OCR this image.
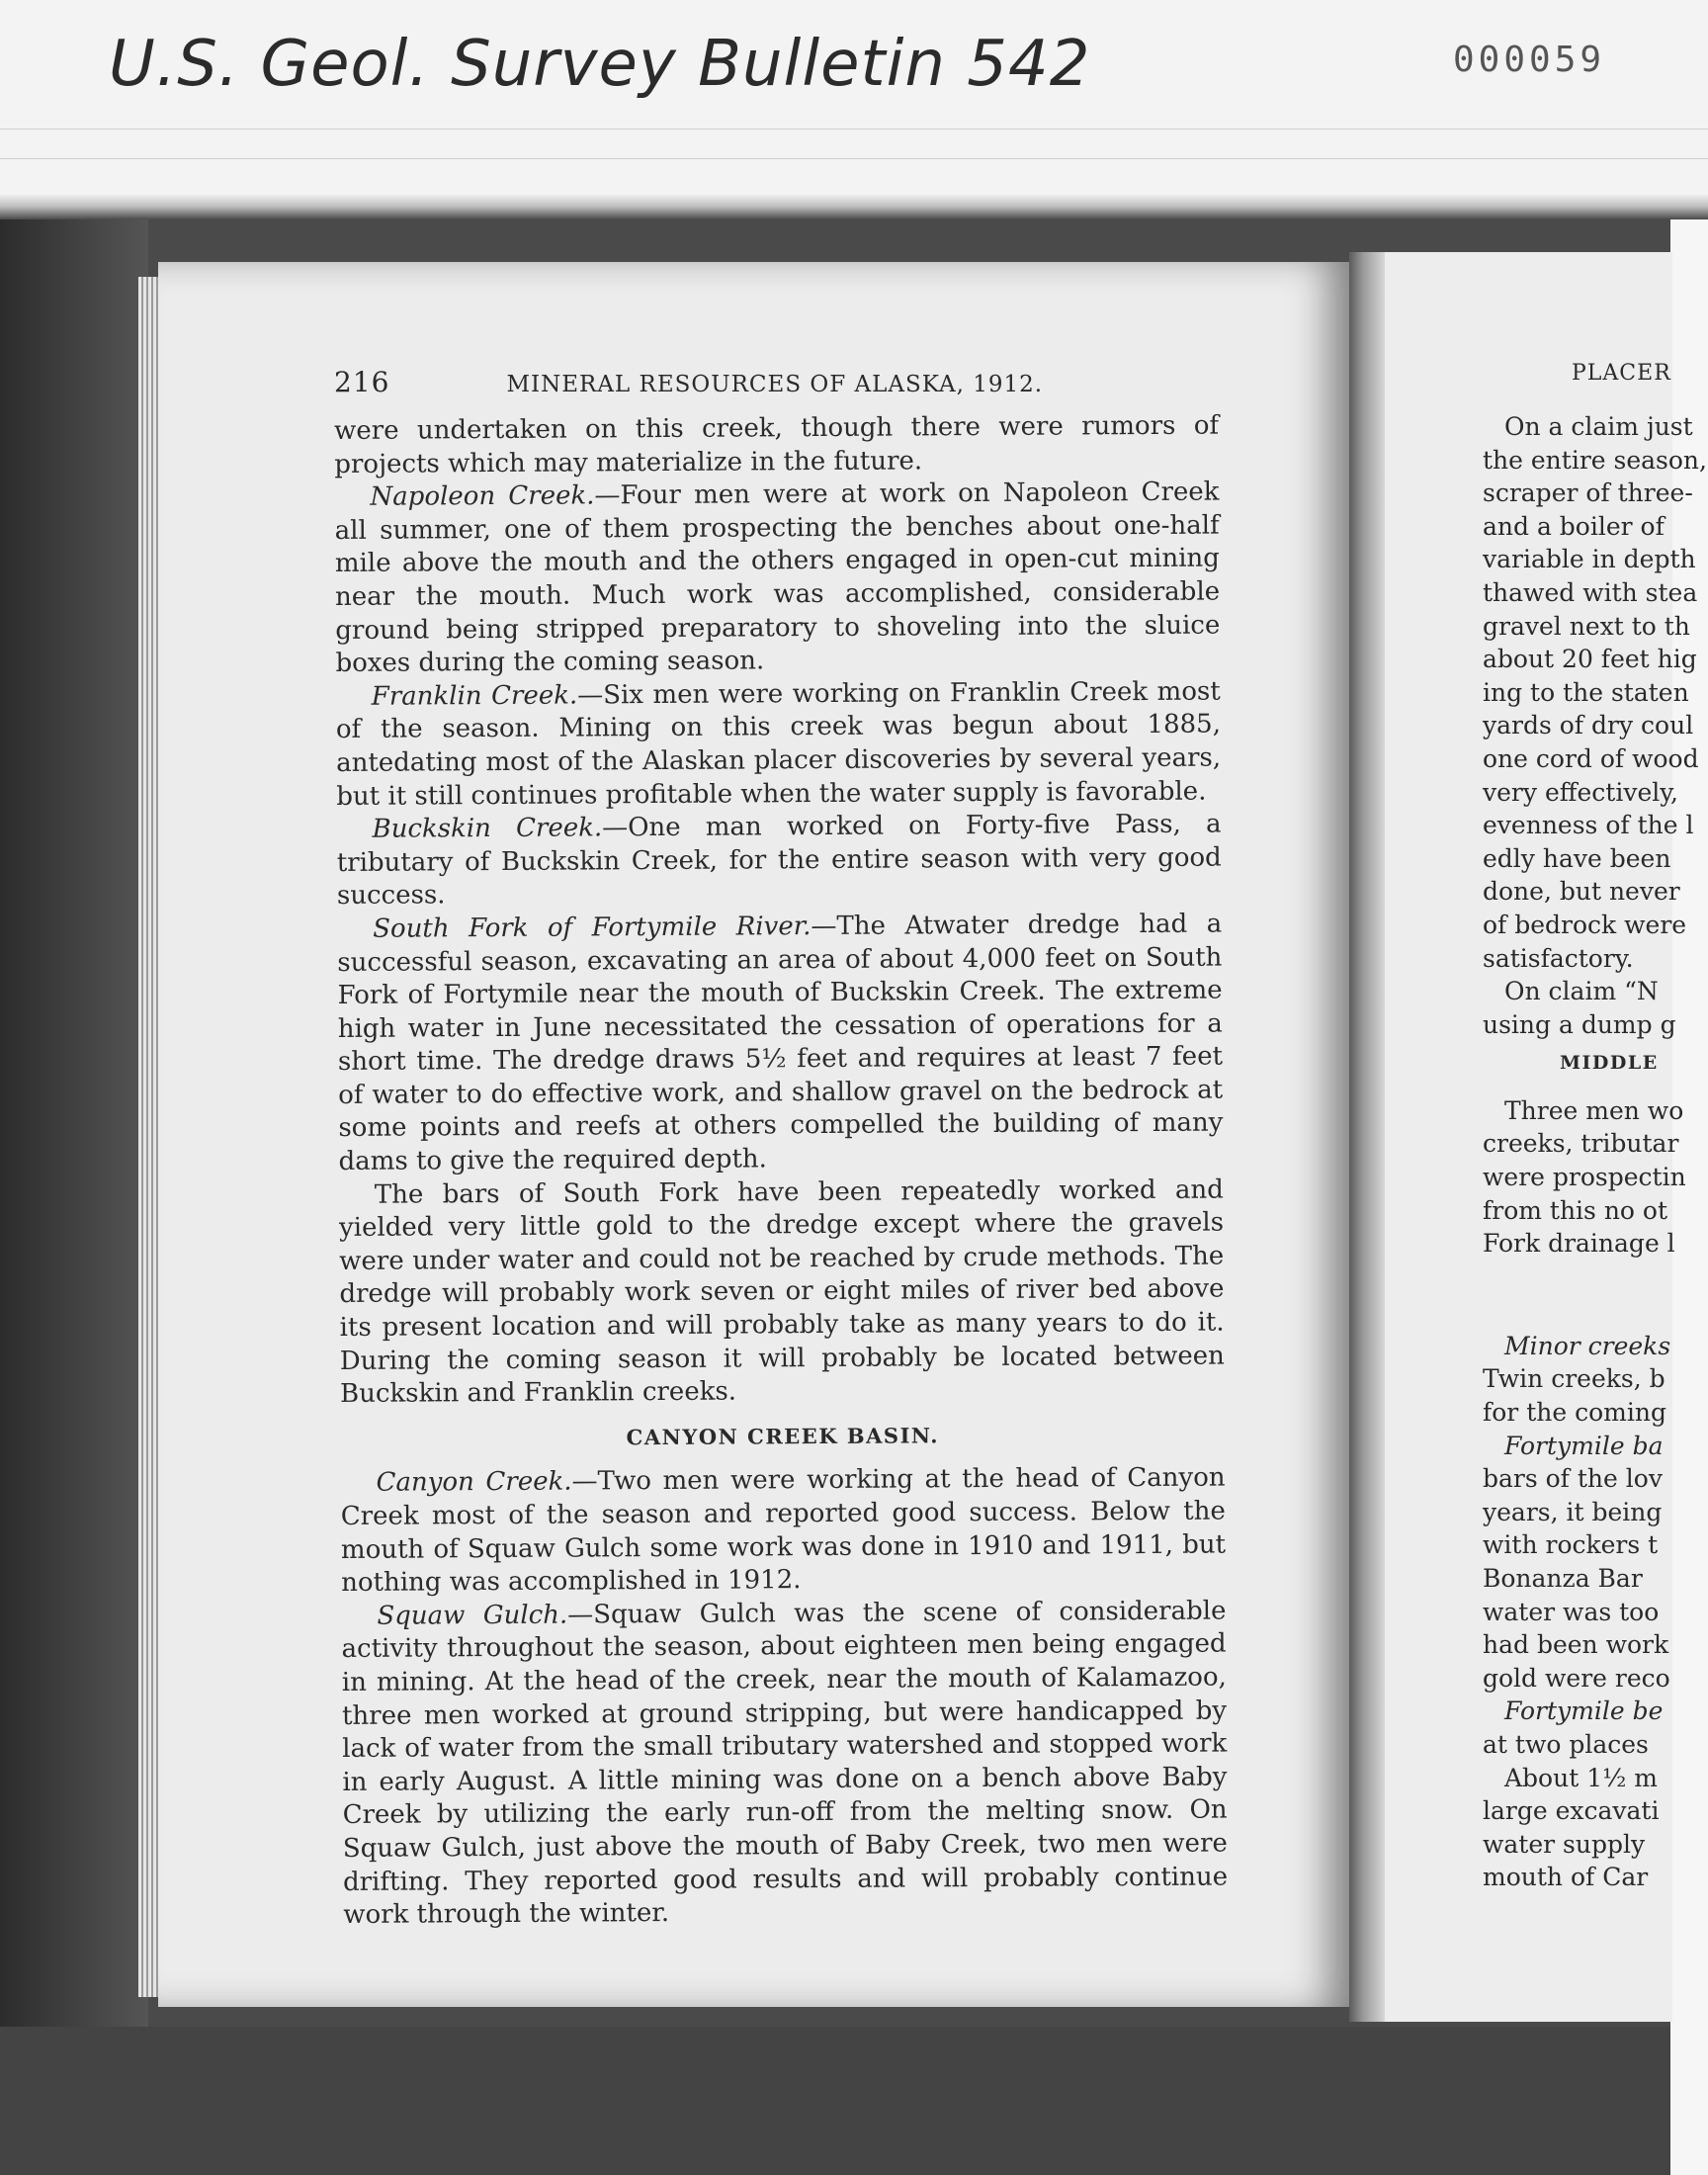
U.S. Geol. Survey Bulletin 542	000059
216	MINERAL RESOURCES OF ALASKA, 1912.

were undertaken on this creek, though there were rumors of projects which may materialize in the future.

Napoleon Creek.—Four men were at work on Napoleon Creek all summer, one of them prospecting the benches about one-half mile above the mouth and the others engaged in open-cut mining near the mouth. Much work was accomplished, considerable ground being stripped preparatory to shoveling into the sluice boxes during the coming season.

Franklin Creek.—Six men were working on Franklin Creek most of the season. Mining on this creek was begun about 1885, antedating most of the Alaskan placer discoveries by several years, but it still continues profitable when the water supply is favorable.

Buckskin Creek.—One man worked on Forty-five Pass, a tributary of Buckskin Creek, for the entire season with very good success.

South Fork of Fortymile River.—The Atwater dredge had a successful season, excavating an area of about 4,000 feet on South Fork of Fortymile near the mouth of Buckskin Creek. The extreme high water in June necessitated the cessation of operations for a short time. The dredge draws 5½ feet and requires at least 7 feet of water to do effective work, and shallow gravel on the bedrock at some points and reefs at others compelled the building of many dams to give the required depth.

The bars of South Fork have been repeatedly worked and yielded very little gold to the dredge except where the gravels were under water and could not be reached by crude methods. The dredge will probably work seven or eight miles of river bed above its present location and will probably take as many years to do it. During the coming season it will probably be located between Buckskin and Franklin creeks.

CANYON CREEK BASIN.

Canyon Creek.—Two men were working at the head of Canyon Creek most of the season and reported good success. Below the mouth of Squaw Gulch some work was done in 1910 and 1911, but nothing was accomplished in 1912.

Squaw Gulch.—Squaw Gulch was the scene of considerable activity throughout the season, about eighteen men being engaged in mining. At the head of the creek, near the mouth of Kalamazoo, three men worked at ground stripping, but were handicapped by lack of water from the small tributary watershed and stopped work in early August. A little mining was done on a bench above Baby Creek by utilizing the early run-off from the melting snow. On Squaw Gulch, just above the mouth of Baby Creek, two men were drifting. They reported good results and will probably continue work through the winter.

PLACER
On a claim just
the entire season,
scraper of three-
and a boiler of
variable in depth
thawed with stea
gravel next to th
about 20 feet hig
ing to the staten
yards of dry coul
one cord of wood
very effectively,
evenness of the l
edly have been
done, but never
of bedrock were
satisfactory.
On claim “N
using a dump g
MIDDLE
Three men wo
creeks, tributar
were prospectin
from this no ot
Fork drainage l
Minor creeks
Twin creeks, b
for the coming
Fortymile ba
bars of the lov
years, it being
with rockers t
Bonanza Bar
water was too
had been work
gold were reco
Fortymile be
at two places
About 1½ m
large excavati
water supply
mouth of Car
